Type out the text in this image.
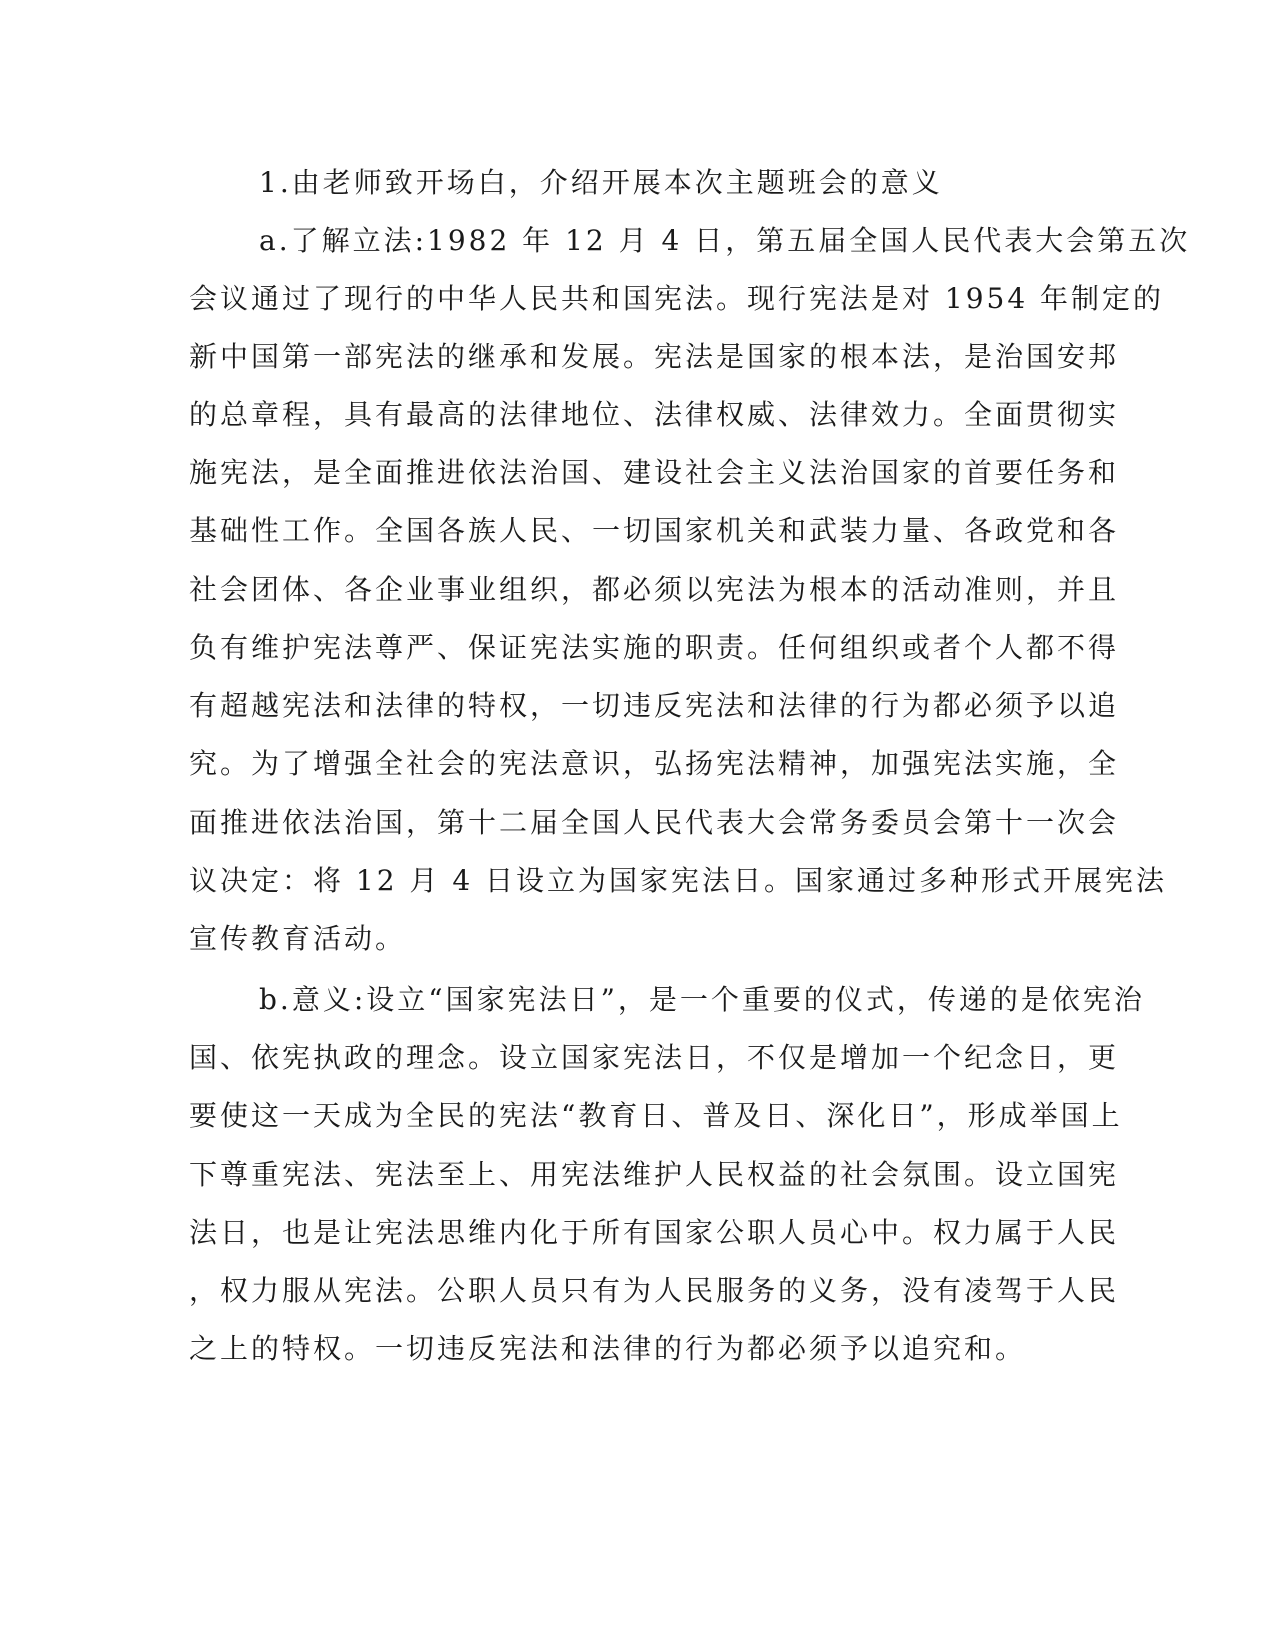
1.由老师致开场白，介绍开展本次主题班会的意义
a.了解立法:1982 年 12 月 4 日，第五届全国人民代表大会第五次
会议通过了现行的中华人民共和国宪法。现行宪法是对 1954 年制定的
新中国第一部宪法的继承和发展。宪法是国家的根本法，是治国安邦
的总章程，具有最高的法律地位、法律权威、法律效力。全面贯彻实
施宪法，是全面推进依法治国、建设社会主义法治国家的首要任务和
基础性工作。全国各族人民、一切国家机关和武装力量、各政党和各
社会团体、各企业事业组织，都必须以宪法为根本的活动准则，并且
负有维护宪法尊严、保证宪法实施的职责。任何组织或者个人都不得
有超越宪法和法律的特权，一切违反宪法和法律的行为都必须予以追
究。为了增强全社会的宪法意识，弘扬宪法精神，加强宪法实施，全
面推进依法治国，第十二届全国人民代表大会常务委员会第十一次会
议决定：将 12 月 4 日设立为国家宪法日。国家通过多种形式开展宪法
宣传教育活动。
b.意义:设立“国家宪法日”，是一个重要的仪式，传递的是依宪治
国、依宪执政的理念。设立国家宪法日，不仅是增加一个纪念日，更
要使这一天成为全民的宪法“教育日、普及日、深化日”，形成举国上
下尊重宪法、宪法至上、用宪法维护人民权益的社会氛围。设立国宪
法日，也是让宪法思维内化于所有国家公职人员心中。权力属于人民
，权力服从宪法。公职人员只有为人民服务的义务，没有凌驾于人民
之上的特权。一切违反宪法和法律的行为都必须予以追究和。
